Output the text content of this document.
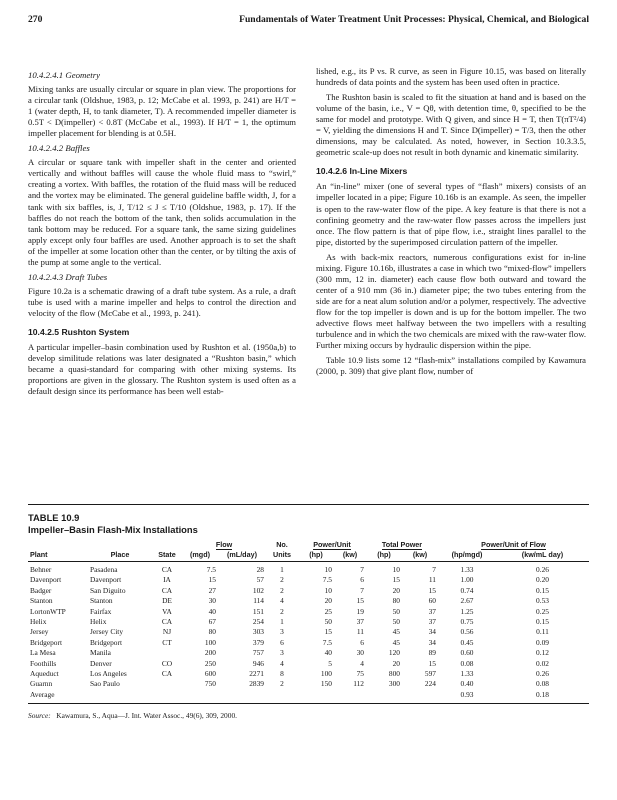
270	Fundamentals of Water Treatment Unit Processes: Physical, Chemical, and Biological
10.4.2.4.1 Geometry

Mixing tanks are usually circular or square in plan view. The proportions for a circular tank (Oldshue, 1983, p. 12; McCabe et al. 1993, p. 241) are H/T = 1 (water depth, H, to tank diameter, T). A recommended impeller diameter is 0.5T < D(impeller) < 0.8T (McCabe et al., 1993). If H/T = 1, the optimum impeller placement for blending is at 0.5H.

10.4.2.4.2 Baffles

A circular or square tank with impeller shaft in the center and oriented vertically and without baffles will cause the whole fluid mass to “swirl,” creating a vortex. With baffles, the rotation of the fluid mass will be reduced and the vortex may be eliminated. The general guideline baffle width, J, for a tank with six baffles, is, J, T/12 ≤ J ≤ T/10 (Oldshue, 1983, p. 17). If the baffles do not reach the bottom of the tank, then solids accumulation in the tank bottom may be reduced. For a square tank, the same sizing guidelines apply except only four baffles are used. Another approach is to set the shaft of the impeller at some location other than the center, or by tilting the axis of the pump at some angle to the vertical.

10.4.2.4.3 Draft Tubes

Figure 10.2a is a schematic drawing of a draft tube system. As a rule, a draft tube is used with a marine impeller and helps to control the direction and velocity of the flow (McCabe et al., 1993, p. 241).

10.4.2.5 Rushton System

A particular impeller–basin combination used by Rushton et al. (1950a,b) to develop similitude relations was later designated a “Rushton basin,” which became a quasi-standard for comparing with other mixing systems. Its proportions are given in the glossary. The Rushton system is used often as a default design since its performance has been well estab-

lished, e.g., its P vs. R curve, as seen in Figure 10.15, was based on literally hundreds of data points and the system has been used often in practice.

The Rushton basin is scaled to fit the situation at hand and is based on the volume of the basin, i.e., V = Qθ, with detention time, θ, specified to be the same for model and prototype. With Q given, and since H = T, then T(πT²/4) = V, yielding the dimensions H and T. Since D(impeller) = T/3, then the other dimensions, may be calculated. As noted, however, in Section 10.3.3.5, geometric scale-up does not result in both dynamic and kinematic similarity.

10.4.2.6 In-Line Mixers

An “in-line” mixer (one of several types of “flash” mixers) consists of an impeller located in a pipe; Figure 10.16b is an example. As seen, the impeller is open to the raw-water flow of the pipe. A key feature is that there is not a confining geometry and the raw-water flow passes across the impellers just once. The flow pattern is that of pipe flow, i.e., straight lines parallel to the pipe, distorted by the superimposed circulation pattern of the impeller.

As with back-mix reactors, numerous configurations exist for in-line mixing. Figure 10.16b, illustrates a case in which two “mixed-flow” impellers (300 mm, 12 in. diameter) each cause flow both outward and toward the center of a 910 mm (36 in.) diameter pipe; the two tubes entering from the side are for a neat alum solution and/or a polymer, respectively. The advective flow for the top impeller is down and is up for the bottom impeller. The two advective flows meet halfway between the two impellers with a resulting turbulence and in which the two chemicals are mixed with the raw-water flow. Further mixing occurs by hydraulic dispersion within the pipe.

Table 10.9 lists some 12 “flash-mix” installations compiled by Kawamura (2000, p. 309) that give plant flow, number of

TABLE 10.9

Impeller–Basin Flash-Mix Installations

			Flow		No.	Power/Unit		Total Power		Power/Unit of Flow	
Plant	Place	State	(mgd)	(mL/day)	Units	(hp)	(kw)	(hp)	(kw)	(hp/mgd)	(kw/mL day)
Behner	Pasadena	CA	7.5	28	1	10	7	10	7	1.33	0.26
Davenport	Davenport	IA	15	57	2	7.5	6	15	11	1.00	0.20
Badger	San Diguito	CA	27	102	2	10	7	20	15	0.74	0.15
Stanton	Stanton	DE	30	114	4	20	15	80	60	2.67	0.53
LortonWTP	Fairfax	VA	40	151	2	25	19	50	37	1.25	0.25
Helix	Helix	CA	67	254	1	50	37	50	37	0.75	0.15
Jersey	Jersey City	NJ	80	303	3	15	11	45	34	0.56	0.11
Bridgeport	Bridgeport	CT	100	379	6	7.5	6	45	34	0.45	0.09
La Mesa	Manila		200	757	3	40	30	120	89	0.60	0.12
Foothills	Denver	CO	250	946	4	5	4	20	15	0.08	0.02
Aqueduct	Los Angeles	CA	600	2271	8	100	75	800	597	1.33	0.26
Guarnn	Sao Paulo		750	2839	2	150	112	300	224	0.40	0.08
Average										0.93	0.18
Source: Kawamura, S., Aqua—J. Int. Water Assoc., 49(6), 309, 2000.
